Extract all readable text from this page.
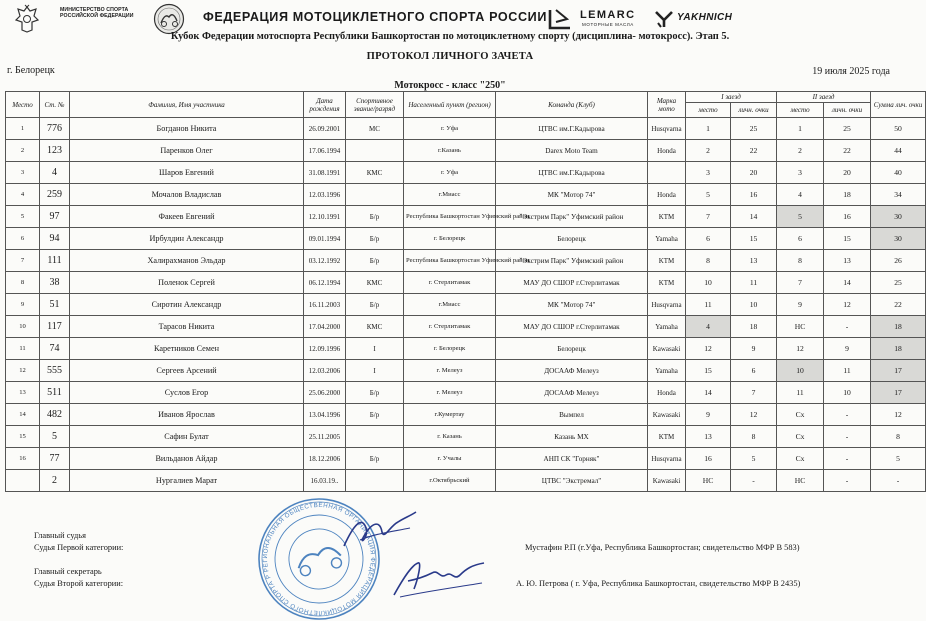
МИНИСТЕРСТВО СПОРТА
РОССИЙСКОЙ ФЕДЕРАЦИИ	ФЕДЕРАЦИЯ МОТОЦИКЛЕТНОГО СПОРТА РОССИИ	LEMARC
МОТОРНЫЕ МАСЛА
YAKHNICH
Кубок Федерации мотоспорта Республики Башкортостан по мотоциклетному спорту (дисциплина- мотокросс). Этап 5.
ПРОТОКОЛ ЛИЧНОГО ЗАЧЕТА
г. Белорецк	19 июля 2025 года
Мотокросс - класс "250"
Место	Ст. №	Фамилия, Имя участника	Дата рождения	Спортивное звание/разряд	Населенный пункт (регион)	Команда (Клуб)	Марка мото	I заезд		II заезд		Сумма лич. очки
								место	личн. очки	место	личн. очки	
1	776	Богданов Никита	26.09.2001	МС	г. Уфа	ЦТВС им.Г.Кадырова	Husqvarna	1	25	1	25	50
2	123	Паренков Олег	17.06.1994		г.Казань	Darex Moto Team	Honda	2	22	2	22	44
3	4	Шаров Евгений	31.08.1991	КМС	г. Уфа	ЦТВС им.Г.Кадырова		3	20	3	20	40
4	259	Мочалов Владислав	12.03.1996		г.Миасс	МК "Мотор 74"	Honda	5	16	4	18	34
5	97	Факеев Евгений	12.10.1991	Б/р	Республика Башкортостан Уфимский район	"Экстрим Парк" Уфимский район	KTM	7	14	5	16	30
6	94	Ирбулдин Александр	09.01.1994	Б/р	г. Белорецк	Белорецк	Yamaha	6	15	6	15	30
7	111	Халирахманов Эльдар	03.12.1992	Б/р	Республика Башкортостан Уфимский район	"Экстрим Парк" Уфимский район	KTM	8	13	8	13	26
8	38	Поленок Сергей	06.12.1994	КМС	г. Стерлитамак	МАУ ДО СШОР г.Стерлитамак	KTM	10	11	7	14	25
9	51	Сиротин Александр	16.11.2003	Б/р	г.Миасс	МК "Мотор 74"	Husqvarna	11	10	9	12	22
10	117	Тарасов Никита	17.04.2000	КМС	г. Стерлитамак	МАУ ДО СШОР г.Стерлитамак	Yamaha	4	18	НС	-	18
11	74	Каретников Семен	12.09.1996	I	г. Белорецк	Белорецк	Kawasaki	12	9	12	9	18
12	555	Сергеев Арсений	12.03.2006	I	г. Мелеуз	ДОСААФ Мелеуз	Yamaha	15	6	10	11	17
13	511	Суслов Егор	25.06.2000	Б/р	г. Мелеуз	ДОСААФ Мелеуз	Honda	14	7	11	10	17
14	482	Иванов Ярослав	13.04.1996	Б/р	г.Кумертау	Вымпел	Kawasaki	9	12	Сх	-	12
15	5	Сафин Булат	25.11.2005		г. Казань	Казань МХ	KTM	13	8	Сх	-	8
16	77	Вильданов Айдар	18.12.2006	Б/р	г. Учалы	АНП СК "Горняк"	Husqvarna	16	5	Сх	-	5
	2	Нургалиев Марат	16.03.19..		г.Октябрьский	ЦТВС "Экстремал"	Kawasaki	НС	-	НС	-	-
Главный судья
Судья Первой категории:	Мустафин Р.П (г.Уфа, Республика Башкортостан; свидетельство МФР В 583)
Главный секретарь
Судья Второй категории:	А. Ю. Петрова ( г. Уфа, Республика Башкортостан, свидетельство МФР В 2435)
РЕГИОНАЛЬНАЯ ОБЩЕСТВЕННАЯ ОРГАНИЗАЦИЯ ФЕДЕРАЦИЯ МОТОЦИКЛЕТНОГО СПОРТА РЕСПУБЛИКИ
